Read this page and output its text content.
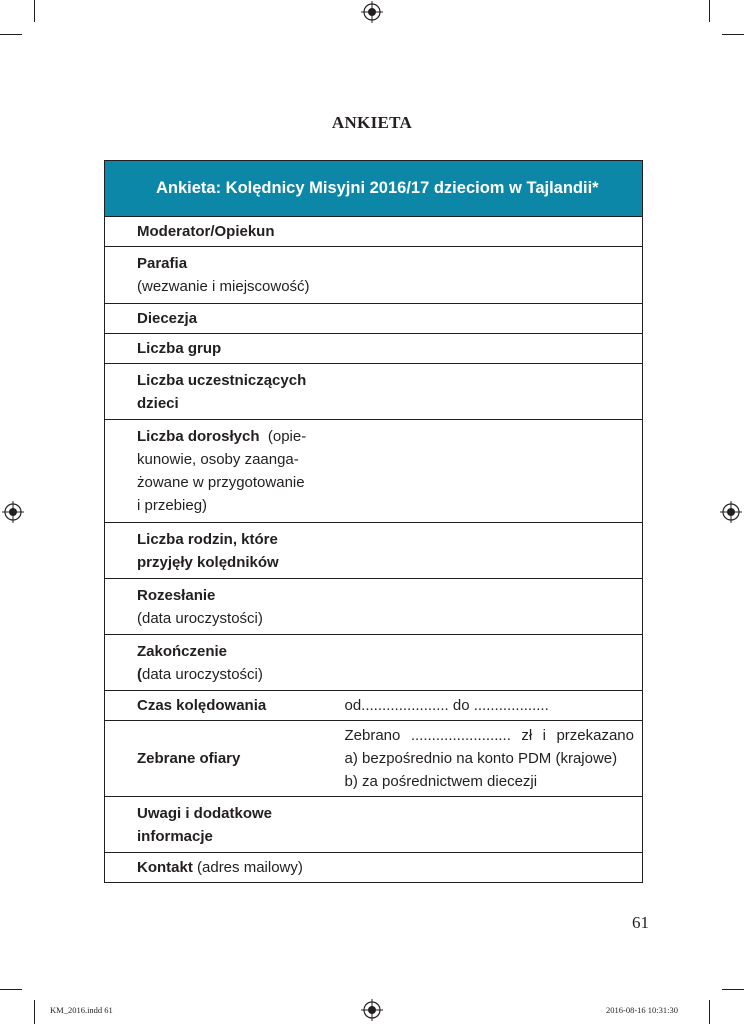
ANKIETA
Ankieta: Kolędnicy Misyjni 2016/17 dzieciom w Tajlandii*	
Moderator/Opiekun	
Parafia
(wezwanie i miejscowość)	
Diecezja	
Liczba grup	
Liczba uczestniczących
dzieci	
Liczba dorosłych (opie-
kunowie, osoby zaanga-
żowane w przygotowanie
i przebieg)	
Liczba rodzin, które
przyjęły kolędników	
Rozesłanie
(data uroczystości)	
Zakończenie
(data uroczystości)	
Czas kolędowania	od..................... do ..................
Zebrane ofiary	Zebrano ........................ zł i przekazano
a) bezpośrednio na konto PDM (krajowe)
b) za pośrednictwem diecezji

Uwagi i dodatkowe
informacje	
Kontakt (adres mailowy)	
61
KM_2016.indd 61	2016-08-16 10:31:30
